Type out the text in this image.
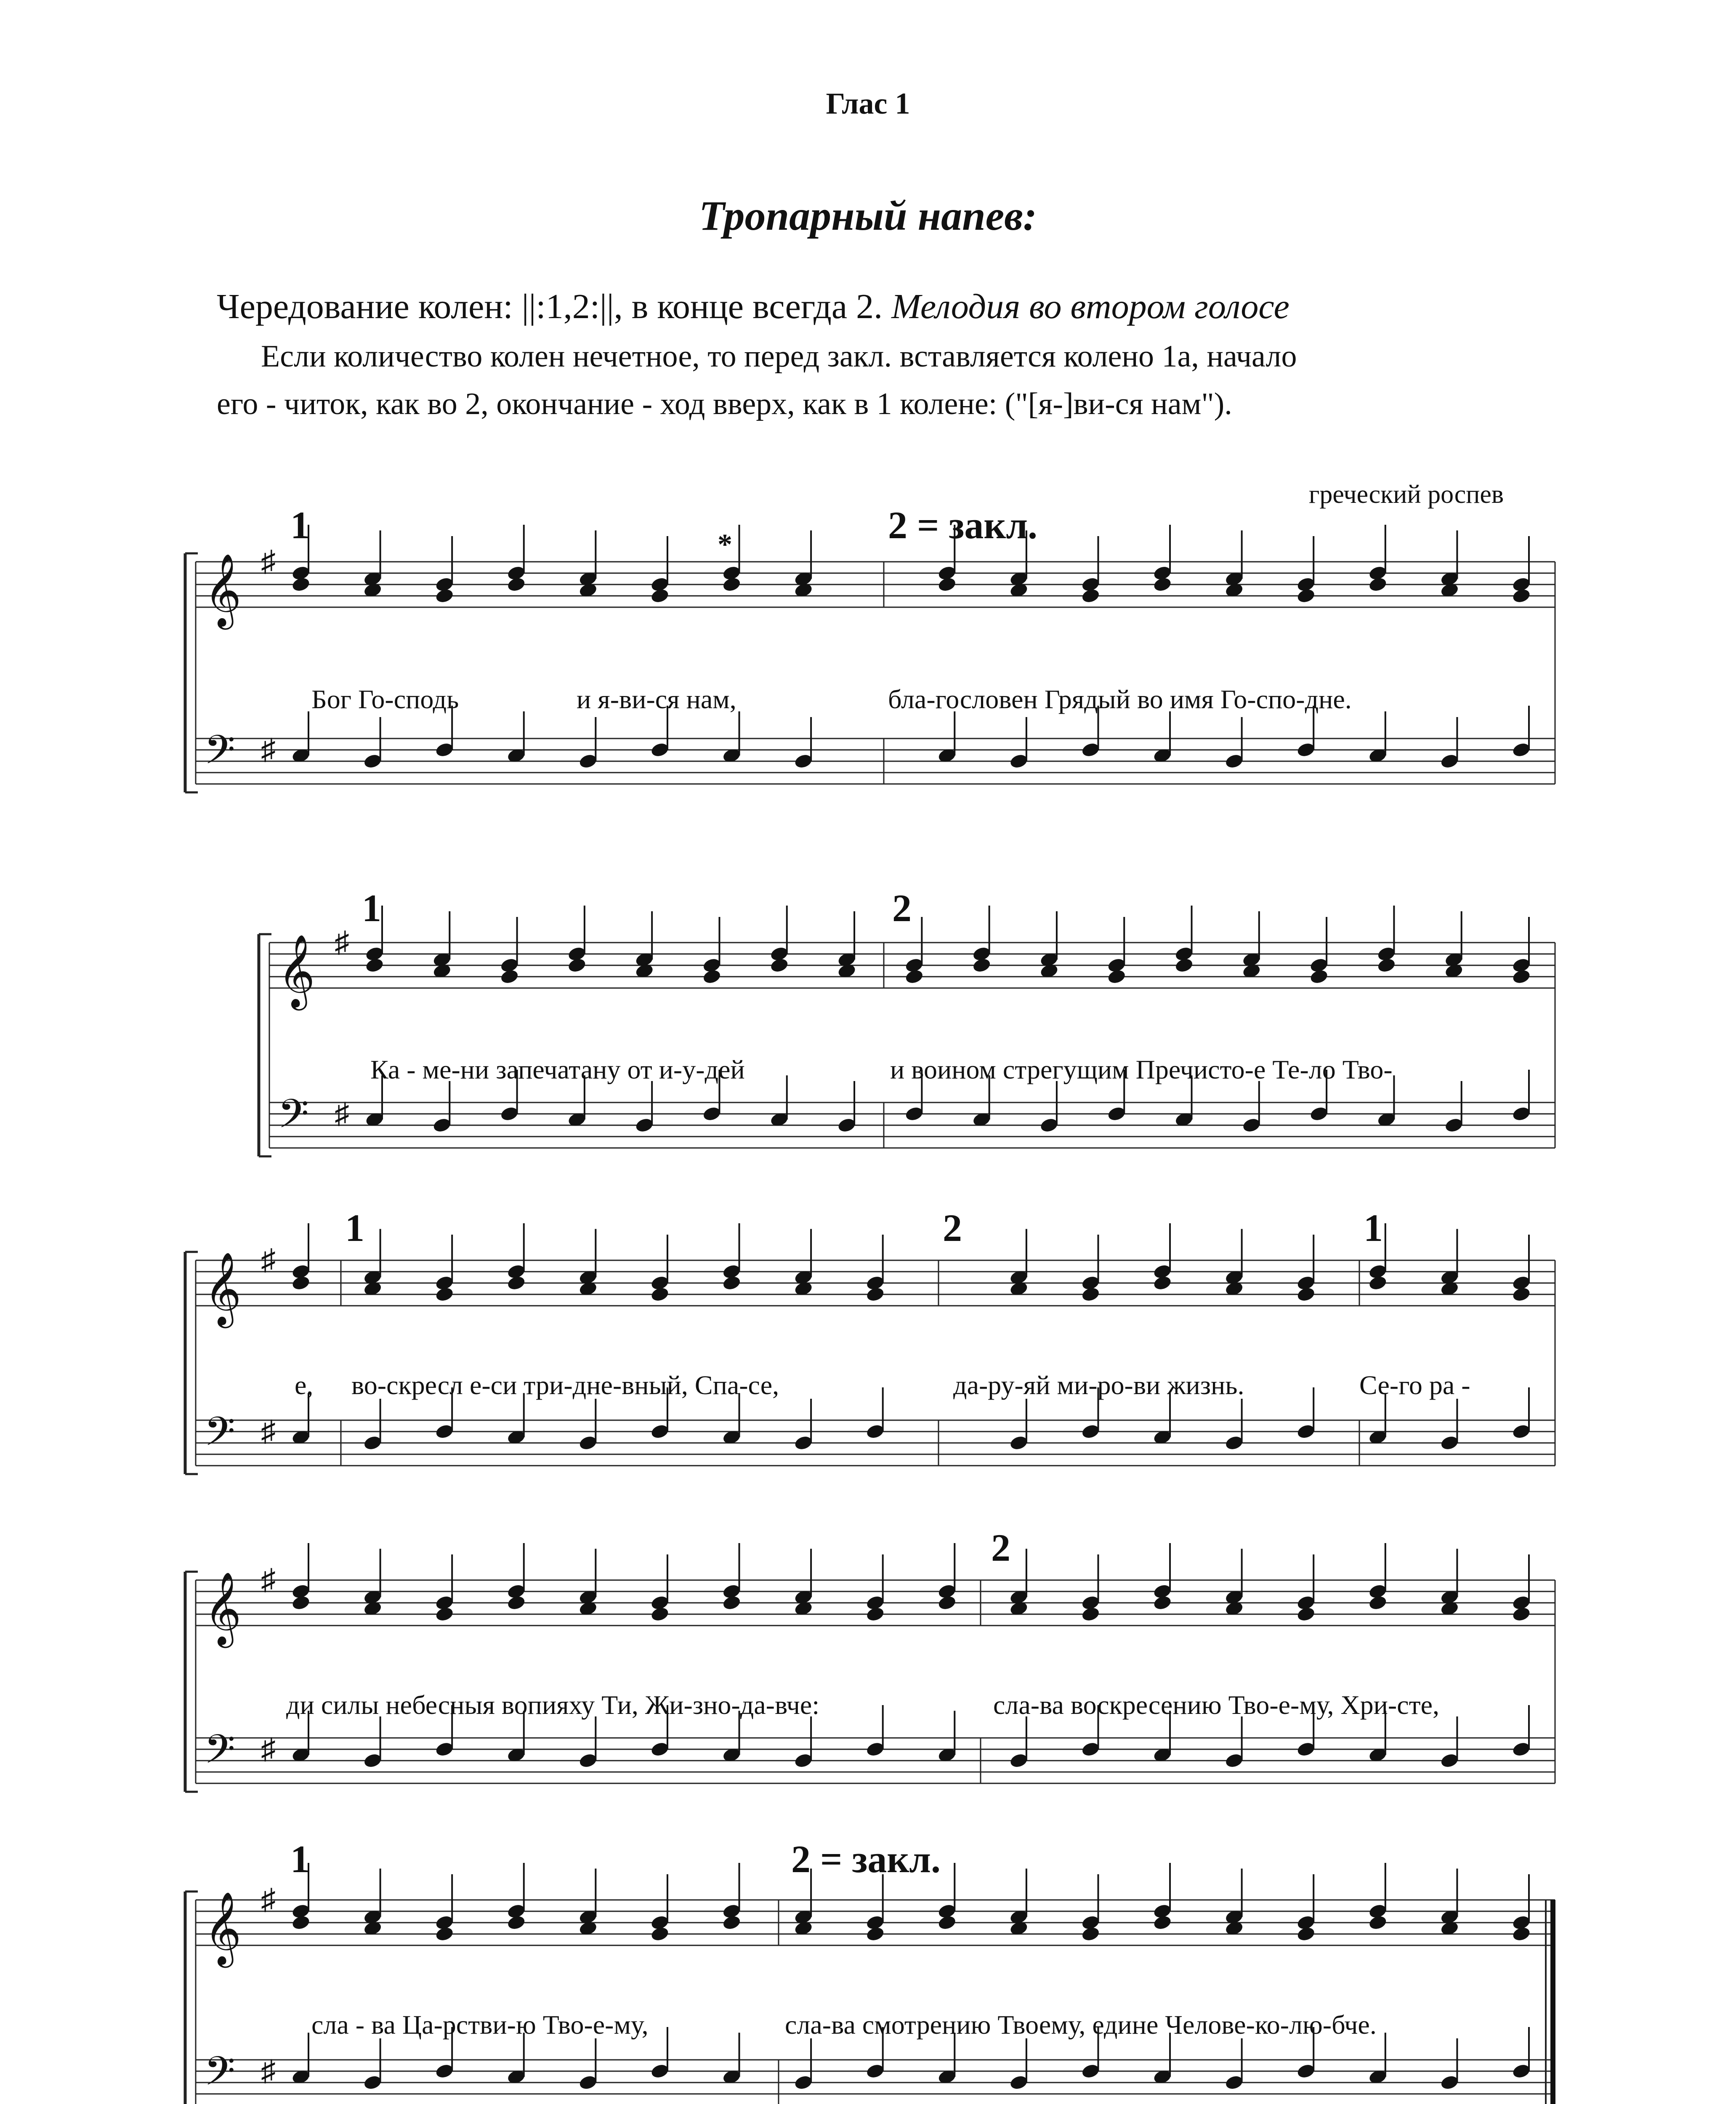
Глас 1
Тропарный напев:
Чередование колен: ||:1,2:||, в конце всегда 2. Мелодия во втором голосе
Если количество колен нечетное, то перед закл. вставляется колено 1а, начало
его - читок, как во 2, окончание - ход вверх, как в 1 колене: ("[я-]ви-ся нам").
греческий роспев
𝄞
𝄢
♯
♯
𝄞
𝄢
♯
♯
𝄞
𝄢
♯
♯
𝄞
𝄢
♯
♯
𝄞
𝄢
♯
♯
1	2 = закл.
*
Бог Го-сподь	и я-ви-ся нам,	бла-гословен Грядый во имя Го-спо-дне.
1	2
Ка - ме-ни запечатану от и-у-дей	и воином стрегущим Пречисто-е Те-ло Тво-
1	2	1
е, во-скресл е-си три-дне-вный, Спа-се,	да-ру-яй ми-ро-ви жизнь.	Се-го ра -
2
ди силы небесныя вопияху Ти, Жи-зно-да-вче:	сла-ва воскресению Тво-е-му, Хри-сте,
1	2 = закл.
сла - ва Ца-рстви-ю Тво-е-му,	сла-ва смотрению Твоему, едине Челове-ко-лю-бче.
